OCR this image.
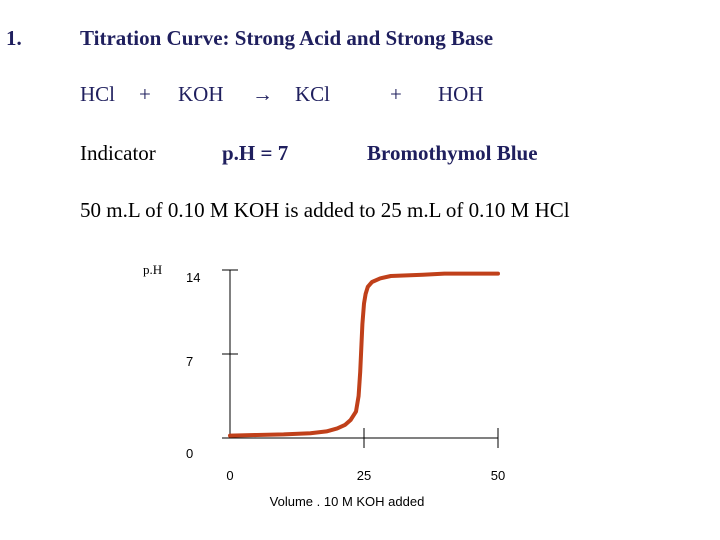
1.	Titration Curve: Strong Acid and Strong Base
HCl + KOH → KCl	+ HOH
Indicator	p.H = 7	Bromothymol Blue
50 m.L of 0.10 M KOH is added to 25 m.L of 0.10 M HCl
0
7
14
0	25	50
p.H
Volume . 10 M KOH added
